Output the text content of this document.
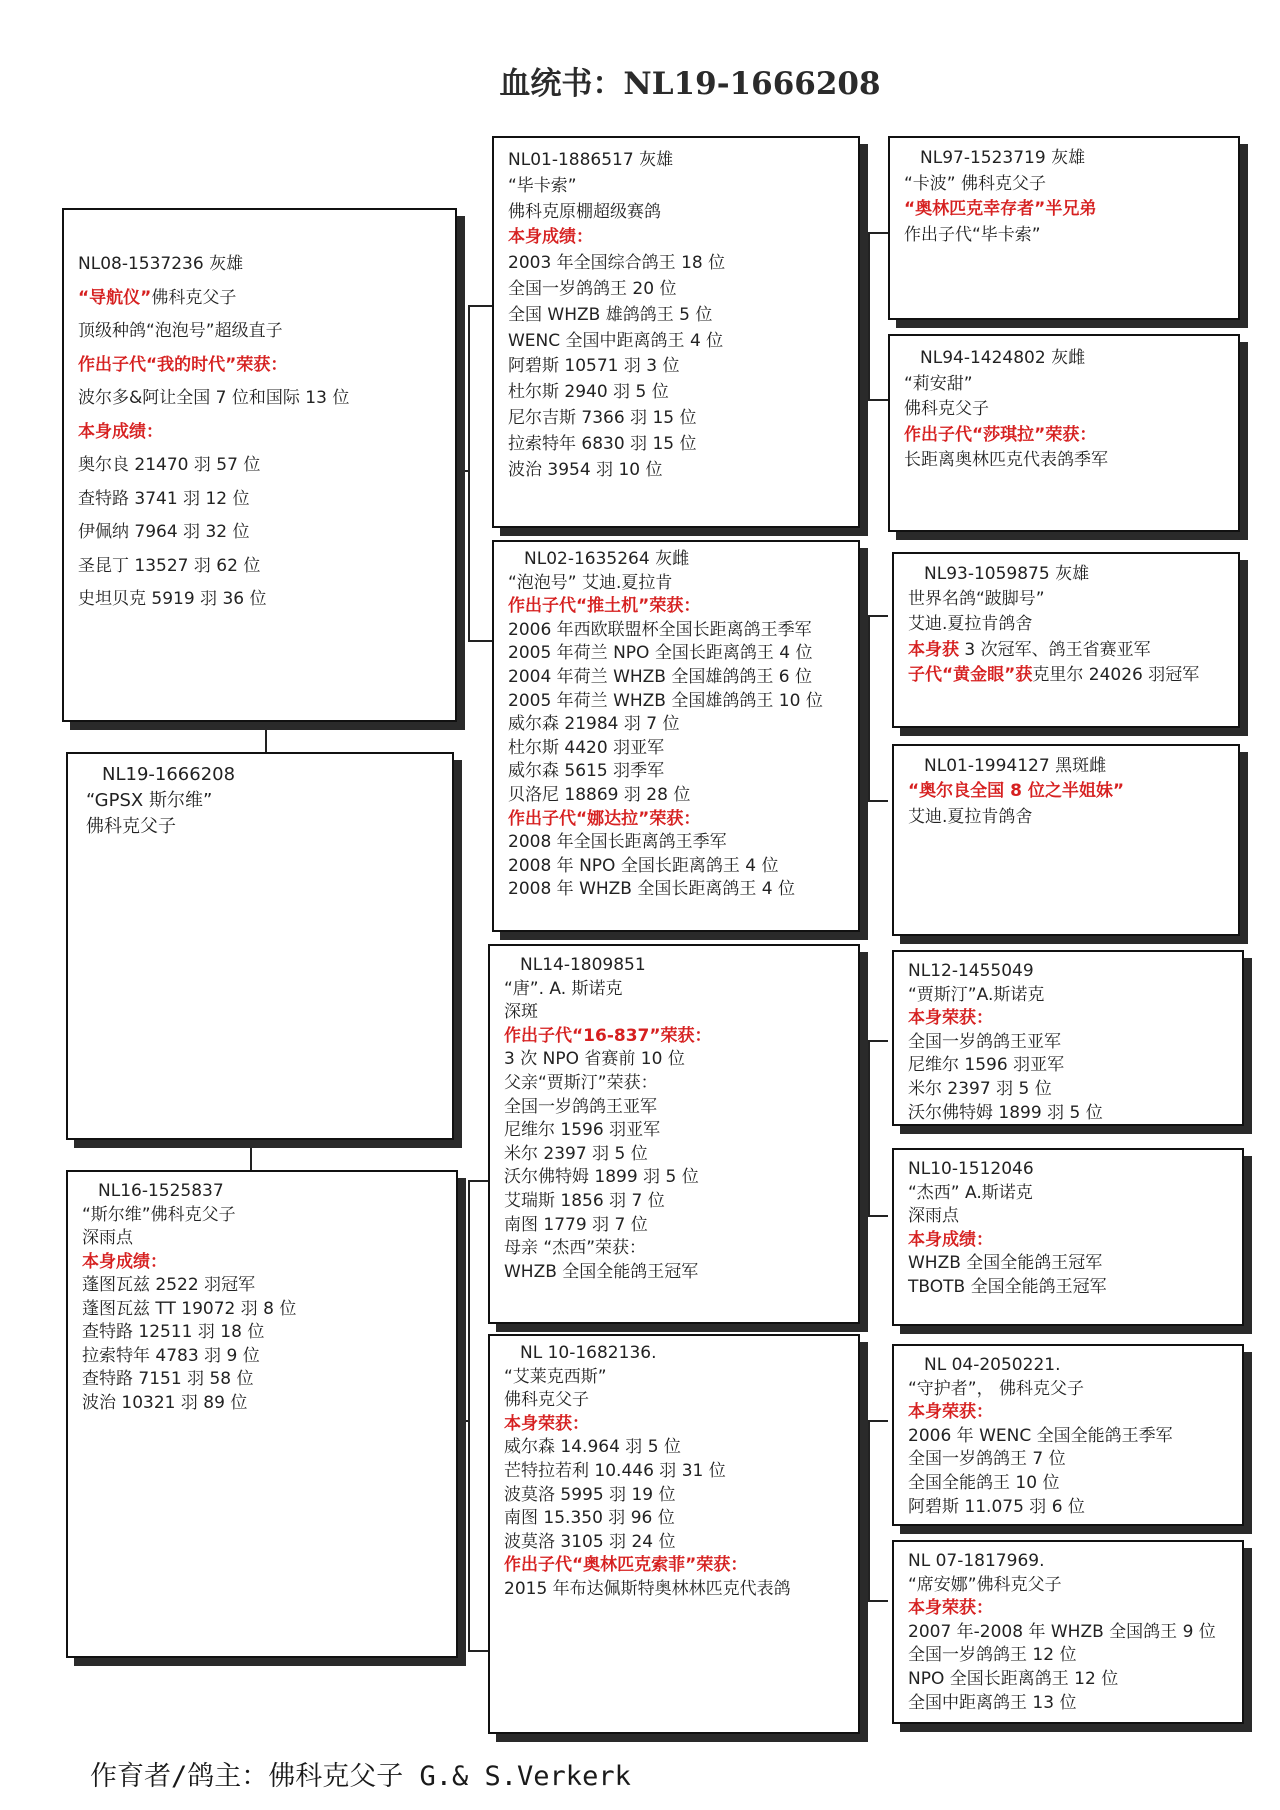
血统书：NL19-1666208
NL08-1537236 灰雄
“导航仪”佛科克父子
顶级种鸽“泡泡号”超级直子
作出子代“我的时代”荣获：
波尔多&阿让全国 7 位和国际 13 位
本身成绩：
奥尔良 21470 羽 57 位
查特路 3741 羽 12 位
伊佩纳 7964 羽 32 位
圣昆丁 13527 羽 62 位
史坦贝克 5919 羽 36 位
NL19-1666208
“GPSX 斯尔维”
佛科克父子
NL16-1525837
“斯尔维”佛科克父子
深雨点
本身成绩：
蓬图瓦兹 2522 羽冠军
蓬图瓦兹 TT 19072 羽 8 位
查特路 12511 羽 18 位
拉索特年 4783 羽 9 位
查特路 7151 羽 58 位
波治 10321 羽 89 位
NL01-1886517 灰雄
“毕卡索”
佛科克原棚超级赛鸽
本身成绩：
2003 年全国综合鸽王 18 位
全国一岁鸽鸽王 20 位
全国 WHZB 雄鸽鸽王 5 位
WENC 全国中距离鸽王 4 位
阿碧斯 10571 羽 3 位
杜尔斯 2940 羽 5 位
尼尔吉斯 7366 羽 15 位
拉索特年 6830 羽 15 位
波治 3954 羽 10 位
NL02-1635264 灰雌
“泡泡号” 艾迪.夏拉肯
作出子代“推土机”荣获：
2006 年西欧联盟杯全国长距离鸽王季军
2005 年荷兰 NPO 全国长距离鸽王 4 位
2004 年荷兰 WHZB 全国雄鸽鸽王 6 位
2005 年荷兰 WHZB 全国雄鸽鸽王 10 位
威尔森 21984 羽 7 位
杜尔斯 4420 羽亚军
威尔森 5615 羽季军
贝洛尼 18869 羽 28 位
作出子代“娜达拉”荣获：
2008 年全国长距离鸽王季军
2008 年 NPO 全国长距离鸽王 4 位
2008 年 WHZB 全国长距离鸽王 4 位
NL14-1809851
“唐”. A. 斯诺克
深斑
作出子代“16-837”荣获：
3 次 NPO 省赛前 10 位
父亲“贾斯汀”荣获：
全国一岁鸽鸽王亚军
尼维尔 1596 羽亚军
米尔 2397 羽 5 位
沃尔佛特姆 1899 羽 5 位
艾瑞斯 1856 羽 7 位
南图 1779 羽 7 位
母亲 “杰西”荣获：
WHZB 全国全能鸽王冠军
NL 10-1682136.
“艾莱克西斯”
佛科克父子
本身荣获：
威尔森 14.964 羽 5 位
芒特拉若利 10.446 羽 31 位
波莫洛 5995 羽 19 位
南图 15.350 羽 96 位
波莫洛 3105 羽 24 位
作出子代“奥林匹克索菲”荣获：
2015 年布达佩斯特奥林林匹克代表鸽
NL97-1523719 灰雄
“卡波” 佛科克父子
“奥林匹克幸存者”半兄弟
作出子代“毕卡索”
NL94-1424802 灰雌
“莉安甜”
佛科克父子
作出子代“莎琪拉”荣获：
长距离奥林匹克代表鸽季军
NL93-1059875 灰雄
世界名鸽“跛脚号”
艾迪.夏拉肯鸽舍
本身获 3 次冠军、鸽王省赛亚军
子代“黄金眼”获克里尔 24026 羽冠军
NL01-1994127 黑斑雌
“奥尔良全国 8 位之半姐妹”
艾迪.夏拉肯鸽舍
NL12-1455049
“贾斯汀”A.斯诺克
本身荣获：
全国一岁鸽鸽王亚军
尼维尔 1596 羽亚军
米尔 2397 羽 5 位
沃尔佛特姆 1899 羽 5 位
NL10-1512046
“杰西” A.斯诺克
深雨点
本身成绩：
WHZB 全国全能鸽王冠军
TBOTB 全国全能鸽王冠军
NL 04-2050221.
“守护者”， 佛科克父子
本身荣获：
2006 年 WENC 全国全能鸽王季军
全国一岁鸽鸽王 7 位
全国全能鸽王 10 位
阿碧斯 11.075 羽 6 位
NL 07-1817969.
“席安娜”佛科克父子
本身荣获：
2007 年-2008 年 WHZB 全国鸽王 9 位
全国一岁鸽鸽王 12 位
NPO 全国长距离鸽王 12 位
全国中距离鸽王 13 位
作育者/鸽主：佛科克父子 G.& S.Verkerk
